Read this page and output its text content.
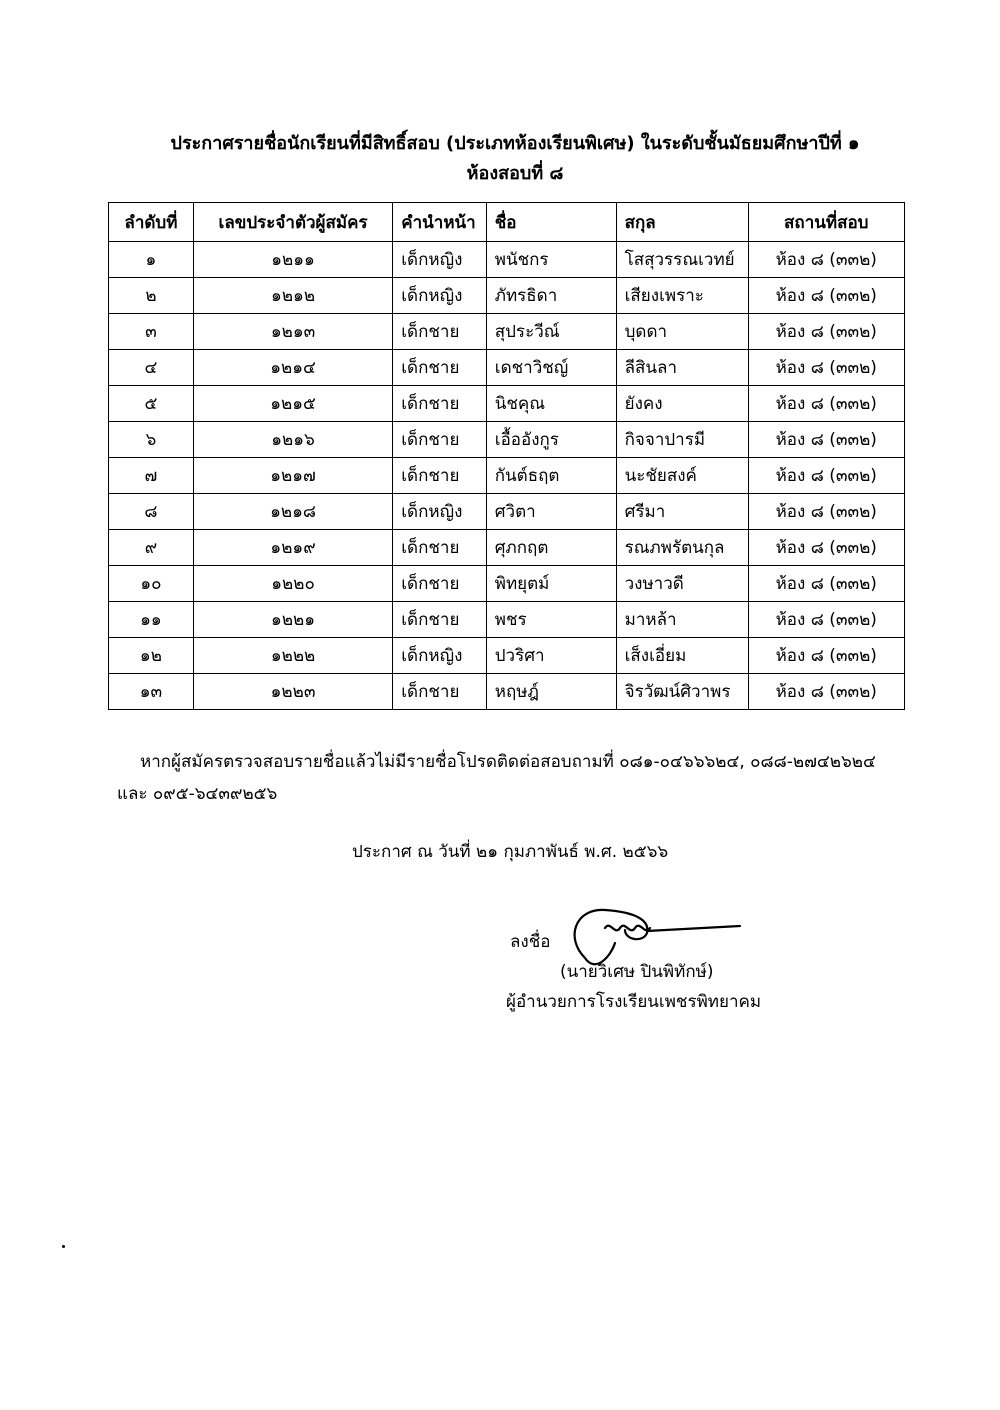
ประกาศรายชื่อนักเรียนที่มีสิทธิ์สอบ (ประเภทห้องเรียนพิเศษ) ในระดับชั้นมัธยมศึกษาปีที่ ๑
ห้องสอบที่ ๘
ลำดับที่	เลขประจำตัวผู้สมัคร	คำนำหน้า	ชื่อ	สกุล	สถานที่สอบ
๑	๑๒๑๑	เด็กหญิง	พนัชกร	โสสุวรรณเวทย์	ห้อง ๘ (๓๓๒)
๒	๑๒๑๒	เด็กหญิง	ภัทรธิดา	เสียงเพราะ	ห้อง ๘ (๓๓๒)
๓	๑๒๑๓	เด็กชาย	สุประวีณ์	บุดดา	ห้อง ๘ (๓๓๒)
๔	๑๒๑๔	เด็กชาย	เดชาวิชญ์	ลีสินลา	ห้อง ๘ (๓๓๒)
๕	๑๒๑๕	เด็กชาย	นิชคุณ	ยังคง	ห้อง ๘ (๓๓๒)
๖	๑๒๑๖	เด็กชาย	เอื้ออังกูร	กิจจาปารมี	ห้อง ๘ (๓๓๒)
๗	๑๒๑๗	เด็กชาย	กันต์ธฤต	นะชัยสงค์	ห้อง ๘ (๓๓๒)
๘	๑๒๑๘	เด็กหญิง	ศวิตา	ศรีมา	ห้อง ๘ (๓๓๒)
๙	๑๒๑๙	เด็กชาย	ศุภกฤต	รณภพรัตนกุล	ห้อง ๘ (๓๓๒)
๑๐	๑๒๒๐	เด็กชาย	พิทยุตม์	วงษาวดี	ห้อง ๘ (๓๓๒)
๑๑	๑๒๒๑	เด็กชาย	พชร	มาหล้า	ห้อง ๘ (๓๓๒)
๑๒	๑๒๒๒	เด็กหญิง	ปวริศา	เส็งเอี่ยม	ห้อง ๘ (๓๓๒)
๑๓	๑๒๒๓	เด็กชาย	หฤษฎ์	จิรวัฒน์ศิวาพร	ห้อง ๘ (๓๓๒)
หากผู้สมัครตรวจสอบรายชื่อแล้วไม่มีรายชื่อโปรดติดต่อสอบถามที่ ๐๘๑-๐๔๖๖๖๒๔, ๐๘๘-๒๗๔๒๖๒๔
และ ๐๙๕-๖๔๓๙๒๕๖
ประกาศ ณ วันที่ ๒๑ กุมภาพันธ์ พ.ศ. ๒๕๖๖
ลงชื่อ
(นายวิเศษ ปินพิทักษ์)
ผู้อำนวยการโรงเรียนเพชรพิทยาคม
